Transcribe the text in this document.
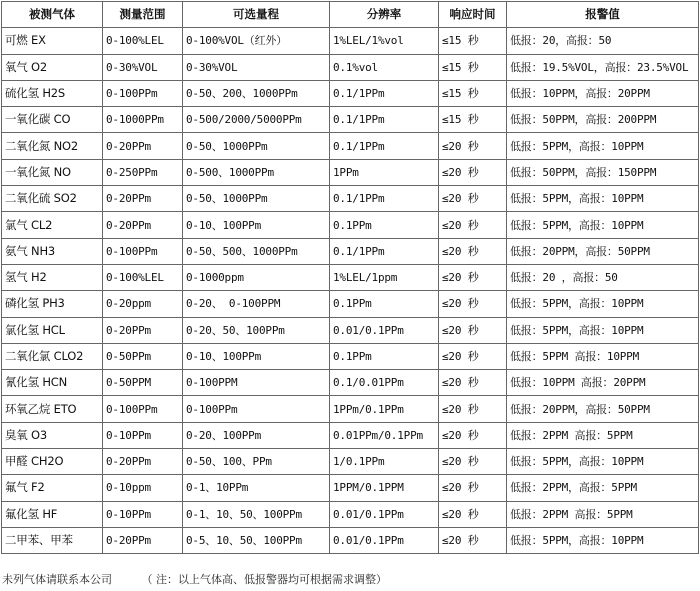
被测气体	测量范围	可选量程	分辨率	响应时间	报警值
可燃 EX	0-100%LEL	0-100%VOL（红外）	1%LEL/1%vol	≤15 秒	低报：20，高报：50
氧气 O2	0-30%VOL	0-30%VOL	0.1%vol	≤15 秒	低报：19.5%VOL，高报：23.5%VOL
硫化氢 H2S	0-100PPm	0-50、200、1000PPm	0.1/1PPm	≤15 秒	低报：10PPM，高报：20PPM
一氧化碳 CO	0-1000PPm	0-500/2000/5000PPm	0.1/1PPm	≤15 秒	低报：50PPM，高报：200PPM
二氧化氮 NO2	0-20PPm	0-50、1000PPm	0.1/1PPm	≤20 秒	低报：5PPM，高报：10PPM
一氧化氮 NO	0-250PPm	0-500、1000PPm	1PPm	≤20 秒	低报：50PPM，高报：150PPM
二氧化硫 SO2	0-20PPm	0-50、1000PPm	0.1/1PPm	≤20 秒	低报：5PPM，高报：10PPM
氯气 CL2	0-20PPm	0-10、100PPm	0.1PPm	≤20 秒	低报：5PPM，高报：10PPM
氨气 NH3	0-100PPm	0-50、500、1000PPm	0.1/1PPm	≤20 秒	低报：20PPM，高报：50PPM
氢气 H2	0-100%LEL	0-1000ppm	1%LEL/1ppm	≤20 秒	低报：20 ，高报：50
磷化氢 PH3	0-20ppm	0-20、 0-100PPM	0.1PPm	≤20 秒	低报：5PPM，高报：10PPM
氯化氢 HCL	0-20PPm	0-20、50、100PPm	0.01/0.1PPm	≤20 秒	低报：5PPM，高报：10PPM
二氧化氯 CLO2	0-50PPm	0-10、100PPm	0.1PPm	≤20 秒	低报：5PPM 高报：10PPM
氰化氢 HCN	0-50PPM	0-100PPM	0.1/0.01PPm	≤20 秒	低报：10PPM 高报：20PPM
环氧乙烷 ETO	0-100PPm	0-100PPm	1PPm/0.1PPm	≤20 秒	低报：20PPM，高报：50PPM
臭氧 O3	0-10PPm	0-20、100PPm	0.01PPm/0.1PPm	≤20 秒	低报：2PPM 高报：5PPM
甲醛 CH2O	0-20PPm	0-50、100、PPm	1/0.1PPm	≤20 秒	低报：5PPM，高报：10PPM
氟气 F2	0-10ppm	0-1、10PPm	1PPM/0.1PPM	≤20 秒	低报：2PPM，高报：5PPM
氟化氢 HF	0-10PPm	0-1、10、50、100PPm	0.01/0.1PPm	≤20 秒	低报：2PPM 高报：5PPM
二甲苯、甲苯	0-20PPm	0-5、10、50、100PPm	0.01/0.1PPm	≤20 秒	低报：5PPM，高报：10PPM
未列气体请联系本公司	（ 注：以上气体高、低报警器均可根据需求调整）
